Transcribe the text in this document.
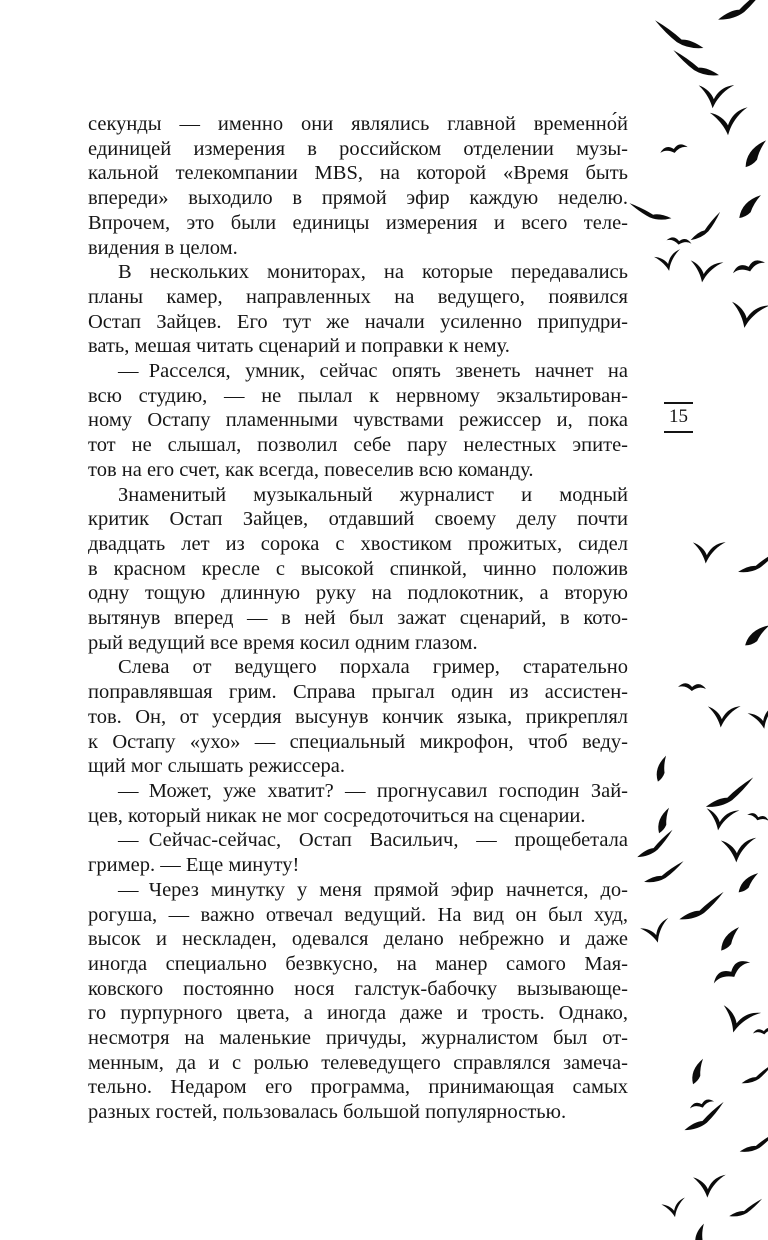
секунды — именно они являлись главной временно́й
единицей измерения в российском отделении музы-
кальной телекомпании MBS, на которой «Время быть
впереди» выходило в прямой эфир каждую неделю.
Впрочем, это были единицы измерения и всего теле-
видения в целом.
В нескольких мониторах, на которые передавались
планы камер, направленных на ведущего, появился
Остап Зайцев. Его тут же начали усиленно припудри-
вать, мешая читать сценарий и поправки к нему.
— Расселся, умник, сейчас опять звенеть начнет на
всю студию, — не пылал к нервному экзальтирован-
ному Остапу пламенными чувствами режиссер и, пока
тот не слышал, позволил себе пару нелестных эпите-
тов на его счет, как всегда, повеселив всю команду.
Знаменитый музыкальный журналист и модный
критик Остап Зайцев, отдавший своему делу почти
двадцать лет из сорока с хвостиком прожитых, сидел
в красном кресле с высокой спинкой, чинно положив
одну тощую длинную руку на подлокотник, а вторую
вытянув вперед — в ней был зажат сценарий, в кото-
рый ведущий все время косил одним глазом.
Слева от ведущего порхала гример, старательно
поправлявшая грим. Справа прыгал один из ассистен-
тов. Он, от усердия высунув кончик языка, прикреплял
к Остапу «ухо» — специальный микрофон, чтоб веду-
щий мог слышать режиссера.
— Может, уже хватит? — прогнусавил господин Зай-
цев, который никак не мог сосредоточиться на сценарии.
— Сейчас-сейчас, Остап Васильич, — прощебетала
гример. — Еще минуту!
— Через минутку у меня прямой эфир начнется, до-
рогуша, — важно отвечал ведущий. На вид он был худ,
высок и нескладен, одевался делано небрежно и даже
иногда специально безвкусно, на манер самого Мая-
ковского постоянно нося галстук-бабочку вызывающе-
го пурпурного цвета, а иногда даже и трость. Однако,
несмотря на маленькие причуды, журналистом был от-
менным, да и с ролью телеведущего справлялся замеча-
тельно. Недаром его программа, принимающая самых
разных гостей, пользовалась большой популярностью.
15
